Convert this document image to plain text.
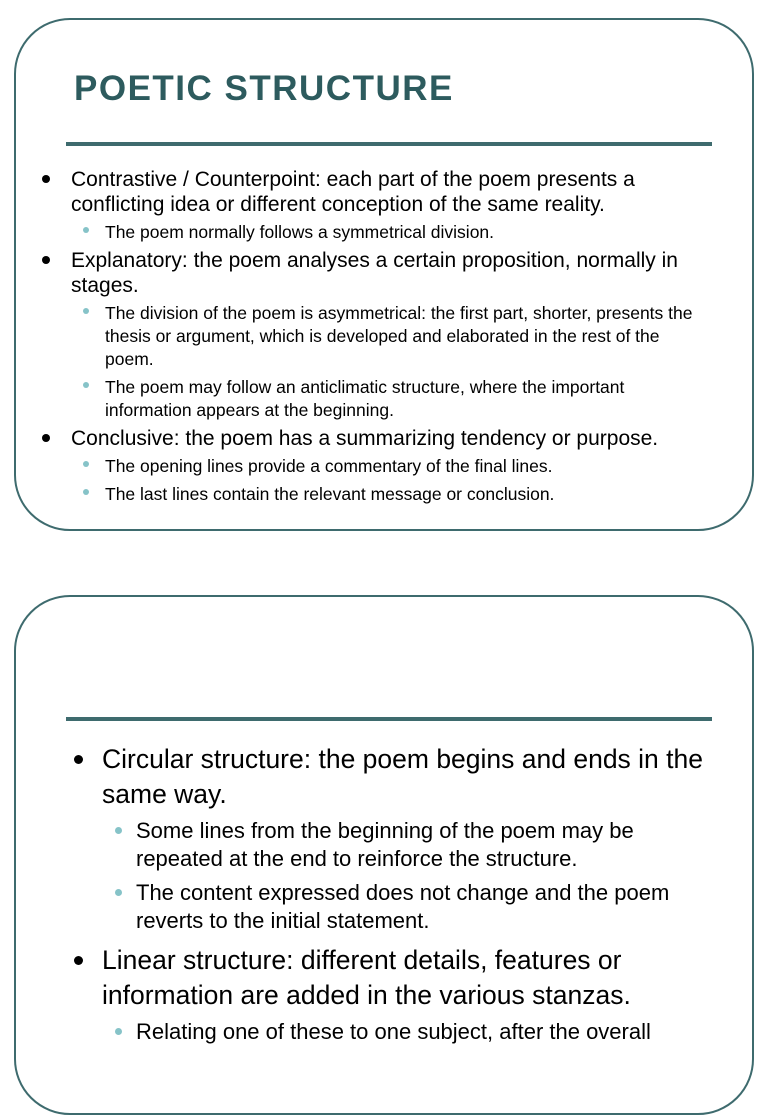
POETIC STRUCTURE
Contrastive / Counterpoint: each part of the poem presents a conflicting idea or different conception of the same reality.
The poem normally follows a symmetrical division.
Explanatory: the poem analyses a certain proposition, normally in stages.
The division of the poem is asymmetrical: the first part, shorter, presents the thesis or argument, which is developed and elaborated in the rest of the poem.
The poem may follow an anticlimatic structure, where the important information appears at the beginning.
Conclusive: the poem has a summarizing tendency or purpose.
The opening lines provide a commentary of the final lines.
The last lines contain the relevant message or conclusion.
Circular structure: the poem begins and ends in the same way.
Some lines from the beginning of the poem may be repeated at the end to reinforce the structure.
The content expressed does not change and the poem reverts to the initial statement.
Linear structure: different details, features or information are added in the various stanzas.
Relating one of these to one subject, after the overall
